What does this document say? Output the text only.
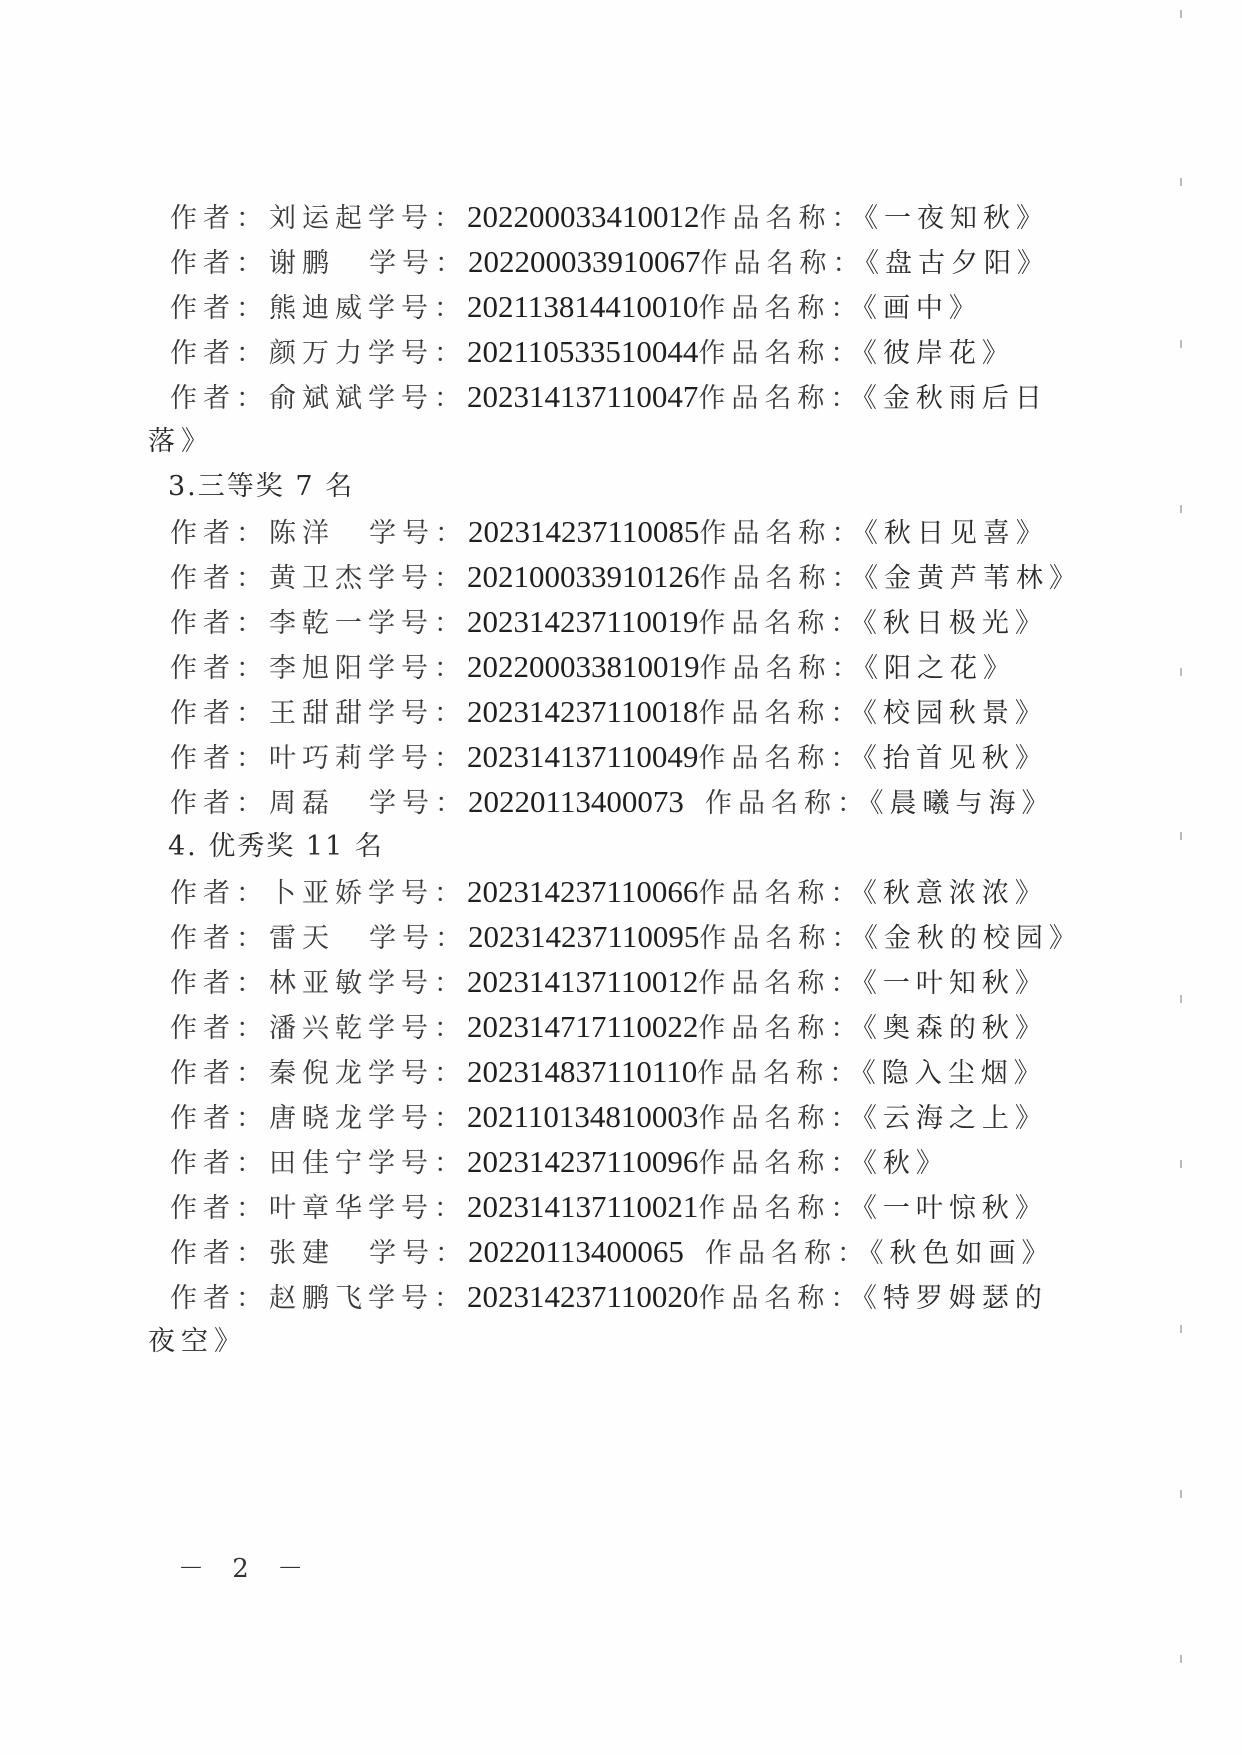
作者：刘运起学号：202200033410012作品名称：《一夜知秋》
作者：谢鹏 学号：202200033910067作品名称：《盘古夕阳》
作者：熊迪威学号：202113814410010作品名称：《画中》
作者：颜万力学号：202110533510044作品名称：《彼岸花》
作者：俞斌斌学号：202314137110047作品名称：《金秋雨后日
落》
3.三等奖 7 名
作者：陈洋 学号：202314237110085作品名称：《秋日见喜》
作者：黄卫杰学号：202100033910126作品名称：《金黄芦苇林》
作者：李乾一学号：202314237110019作品名称：《秋日极光》
作者：李旭阳学号：202200033810019作品名称：《阳之花》
作者：王甜甜学号：202314237110018作品名称：《校园秋景》
作者：叶巧莉学号：202314137110049作品名称：《抬首见秋》
作者：周磊 学号：20220113400073 作品名称：《晨曦与海》
4. 优秀奖 11 名
作者：卜亚娇学号：202314237110066作品名称：《秋意浓浓》
作者：雷天 学号：202314237110095作品名称：《金秋的校园》
作者：林亚敏学号：202314137110012作品名称：《一叶知秋》
作者：潘兴乾学号：202314717110022作品名称：《奥森的秋》
作者：秦倪龙学号：202314837110110作品名称：《隐入尘烟》
作者：唐晓龙学号：202110134810003作品名称：《云海之上》
作者：田佳宁学号：202314237110096作品名称：《秋》
作者：叶章华学号：202314137110021作品名称：《一叶惊秋》
作者：张建 学号：20220113400065 作品名称：《秋色如画》
作者：赵鹏飞学号：202314237110020作品名称：《特罗姆瑟的
夜空》
－ 2 －
